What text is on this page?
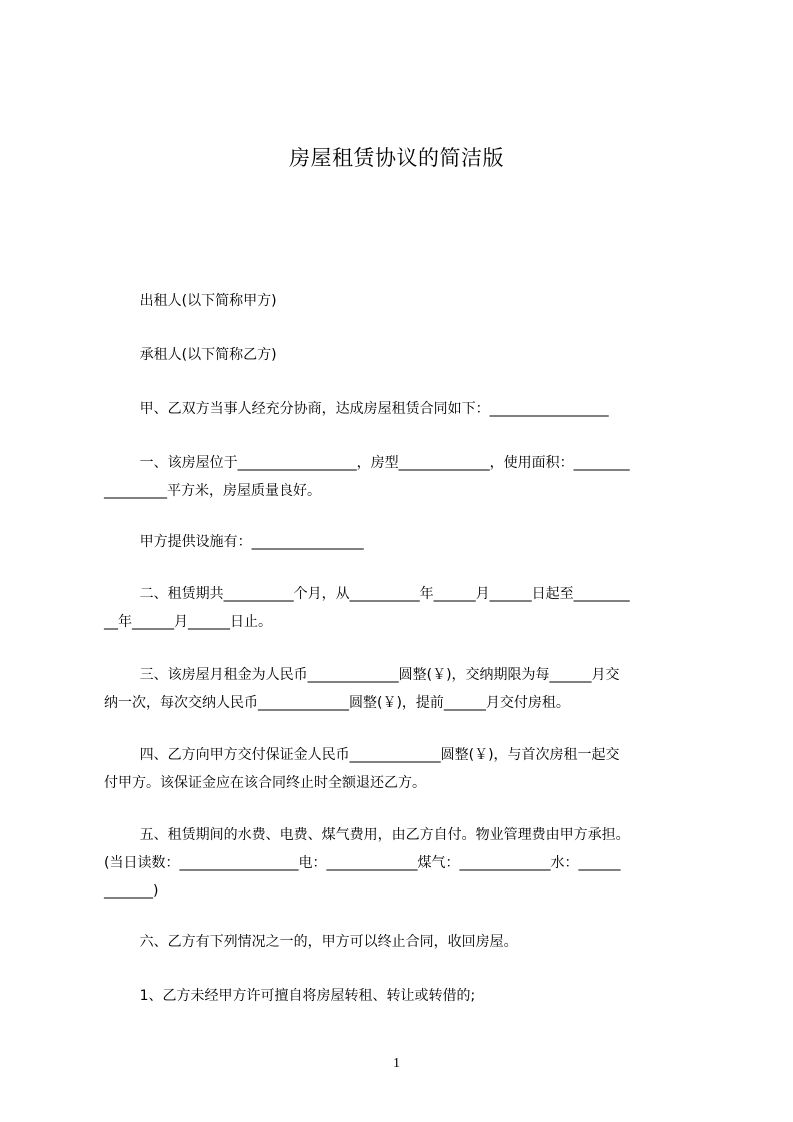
房屋租赁协议的简洁版
出租人(以下简称甲方)
承租人(以下简称乙方)
甲、乙双方当事人经充分协商，达成房屋租赁合同如下：_________________
一、该房屋位于_________________，房型_____________，使用面积：________
_________平方米，房屋质量良好。
甲方提供设施有：________________
二、租赁期共__________个月，从__________年______月______日起至________
__年______月______日止。
三、该房屋月租金为人民币_____________圆整(￥)，交纳期限为每______月交
纳一次，每次交纳人民币_____________圆整(￥)，提前______月交付房租。
四、乙方向甲方交付保证金人民币_____________圆整(￥)，与首次房租一起交
付甲方。该保证金应在该合同终止时全额退还乙方。
五、租赁期间的水费、电费、煤气费用，由乙方自付。物业管理费由甲方承担。
(当日读数：_________________电：_____________煤气：_____________水：______
_______)
六、乙方有下列情况之一的，甲方可以终止合同，收回房屋。
1、乙方未经甲方许可擅自将房屋转租、转让或转借的;
1
